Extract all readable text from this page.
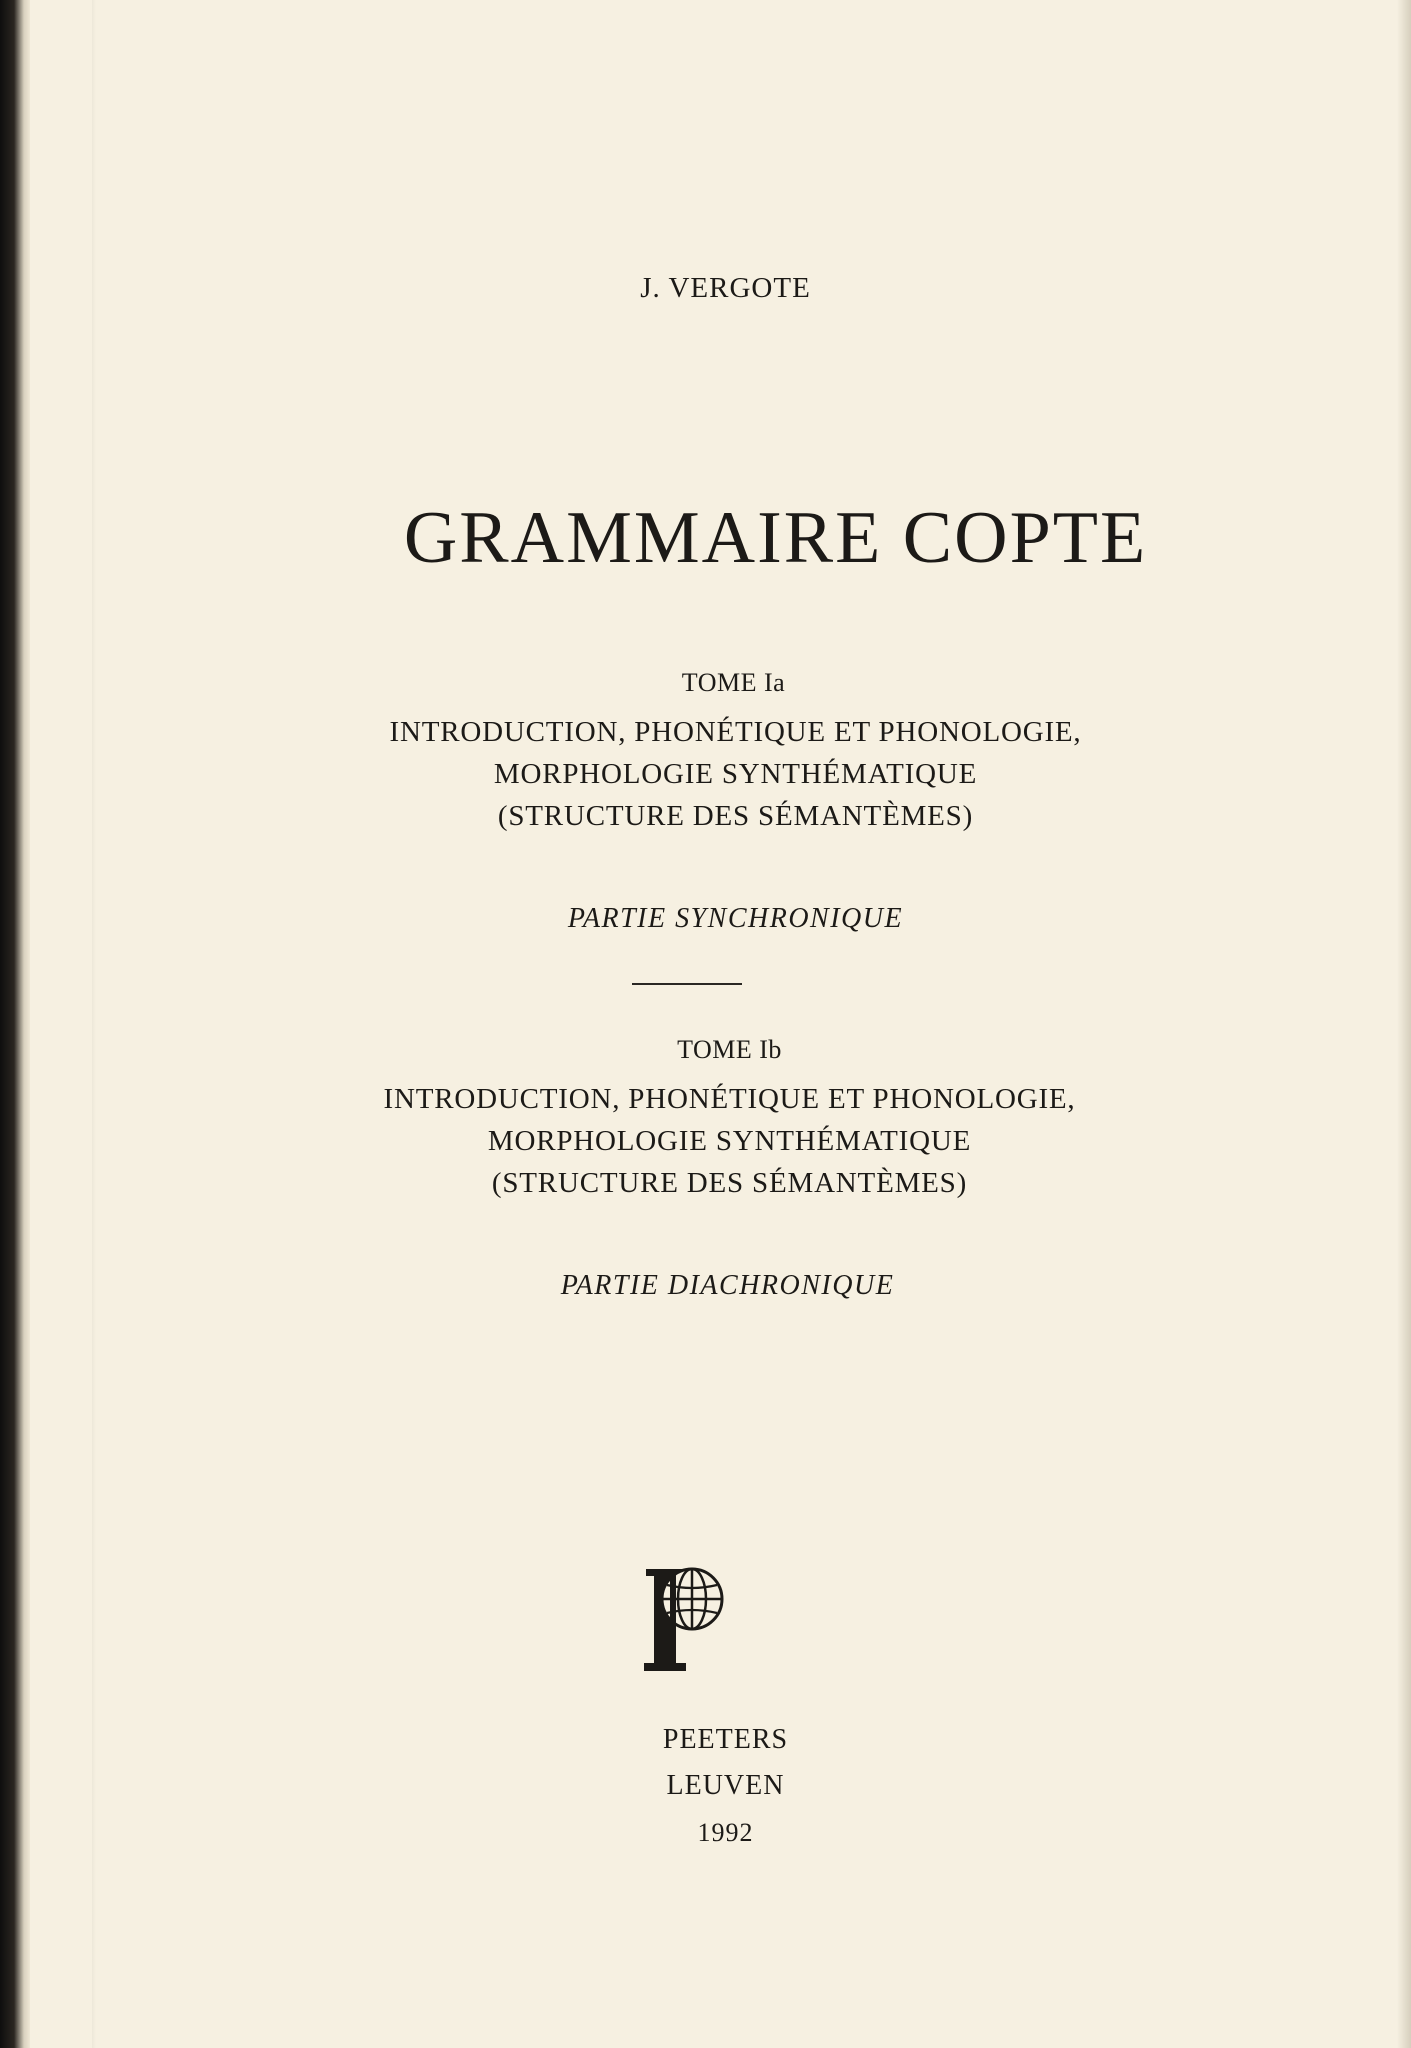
J. VERGOTE
GRAMMAIRE COPTE
TOME Ia
INTRODUCTION, PHONÉTIQUE ET PHONOLOGIE,
MORPHOLOGIE SYNTHÉMATIQUE
(STRUCTURE DES SÉMANTÈMES)
PARTIE SYNCHRONIQUE
TOME Ib
INTRODUCTION, PHONÉTIQUE ET PHONOLOGIE,
MORPHOLOGIE SYNTHÉMATIQUE
(STRUCTURE DES SÉMANTÈMES)
PARTIE DIACHRONIQUE
PEETERS
LEUVEN
1992
